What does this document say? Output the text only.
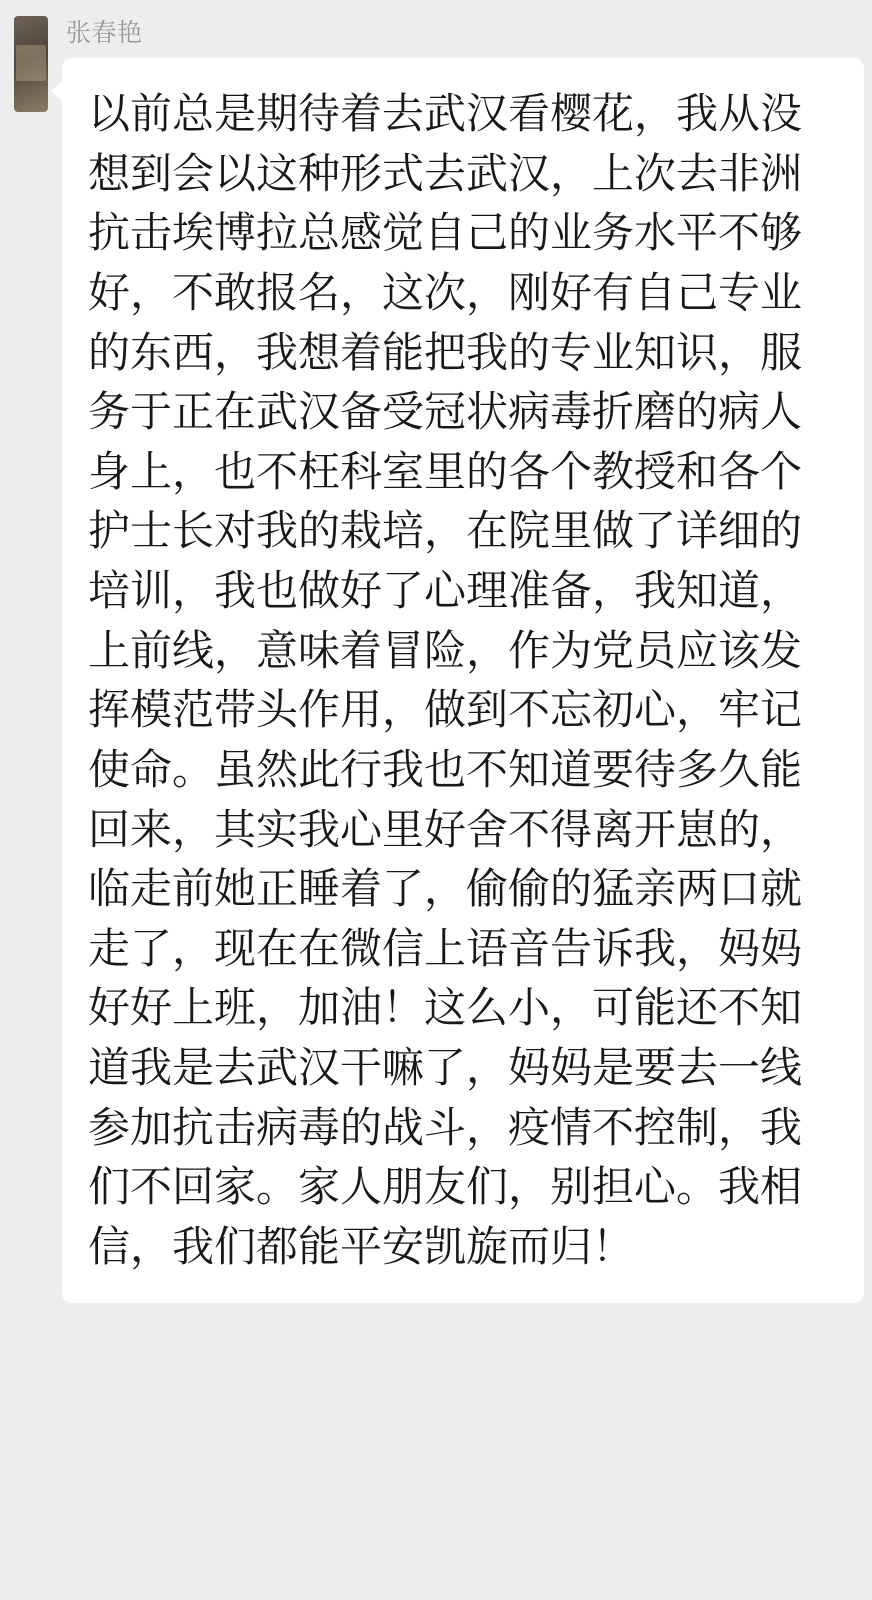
张春艳
以前总是期待着去武汉看樱花，我从没想到会以这种形式去武汉，上次去非洲抗击埃博拉总感觉自己的业务水平不够好，不敢报名，这次，刚好有自己专业的东西，我想着能把我的专业知识，服务于正在武汉备受冠状病毒折磨的病人身上，也不枉科室里的各个教授和各个护士长对我的栽培，在院里做了详细的培训，我也做好了心理准备，我知道，上前线，意味着冒险，作为党员应该发挥模范带头作用，做到不忘初心，牢记使命。虽然此行我也不知道要待多久能回来，其实我心里好舍不得离开崽的，临走前她正睡着了，偷偷的猛亲两口就走了，现在在微信上语音告诉我，妈妈好好上班，加油！这么小，可能还不知道我是去武汉干嘛了，妈妈是要去一线参加抗击病毒的战斗，疫情不控制，我们不回家。家人朋友们，别担心。我相信，我们都能平安凯旋而归！
